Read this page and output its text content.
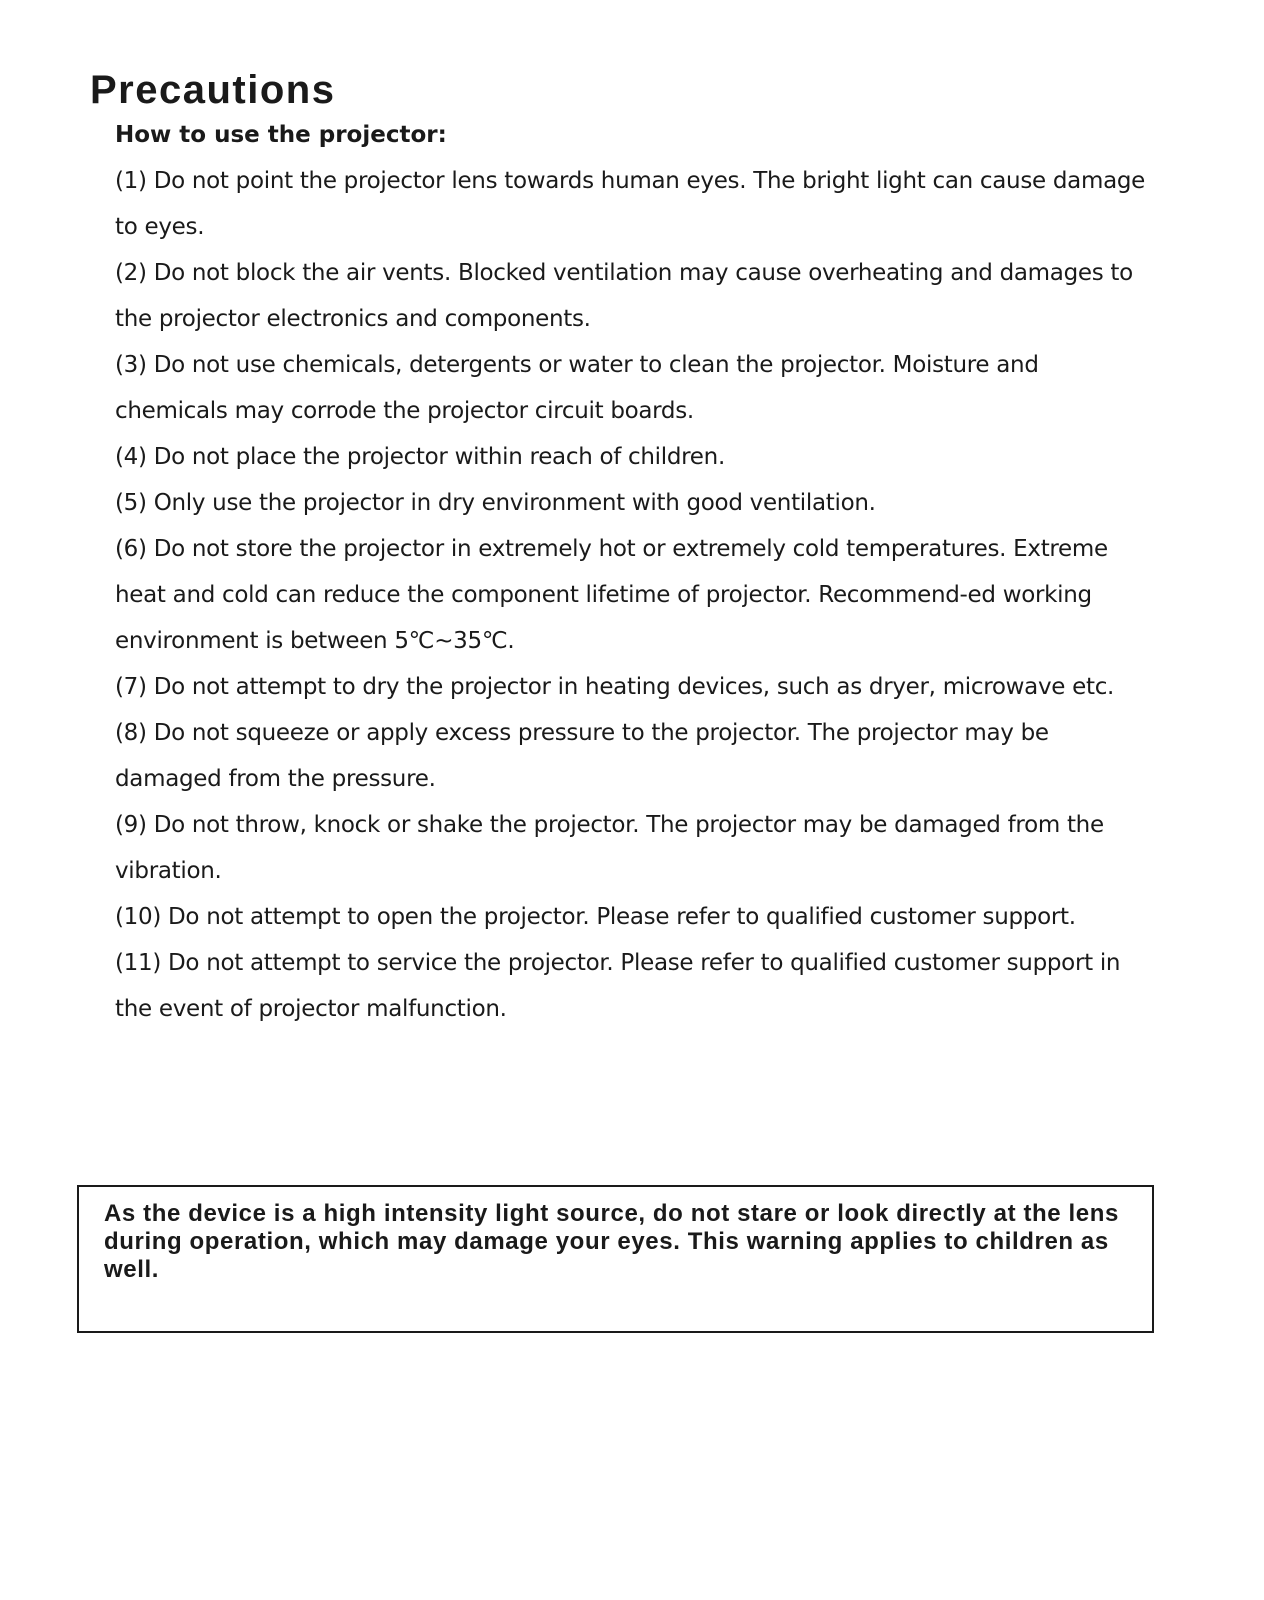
Precautions
How to use the projector:
(1) Do not point the projector lens towards human eyes. The bright light can cause damage to eyes.
(2) Do not block the air vents. Blocked ventilation may cause overheating and damages to the projector electronics and components.
(3) Do not use chemicals, detergents or water to clean the projector. Moisture and chemicals may corrode the projector circuit boards.
(4) Do not place the projector within reach of children.
(5) Only use the projector in dry environment with good ventilation.
(6) Do not store the projector in extremely hot or extremely cold temperatures. Extreme heat and cold can reduce the component lifetime of projector. Recommend-ed working environment is between 5℃~35℃.
(7) Do not attempt to dry the projector in heating devices, such as dryer, microwave etc.
(8) Do not squeeze or apply excess pressure to the projector. The projector may be damaged from the pressure.
(9) Do not throw, knock or shake the projector. The projector may be damaged from the vibration.
(10) Do not attempt to open the projector. Please refer to qualified customer support.
(11) Do not attempt to service the projector. Please refer to qualified customer support in the event of projector malfunction.

As the device is a high intensity light source, do not stare or look directly at the lens during operation, which may damage your eyes. This warning applies to children as well.
